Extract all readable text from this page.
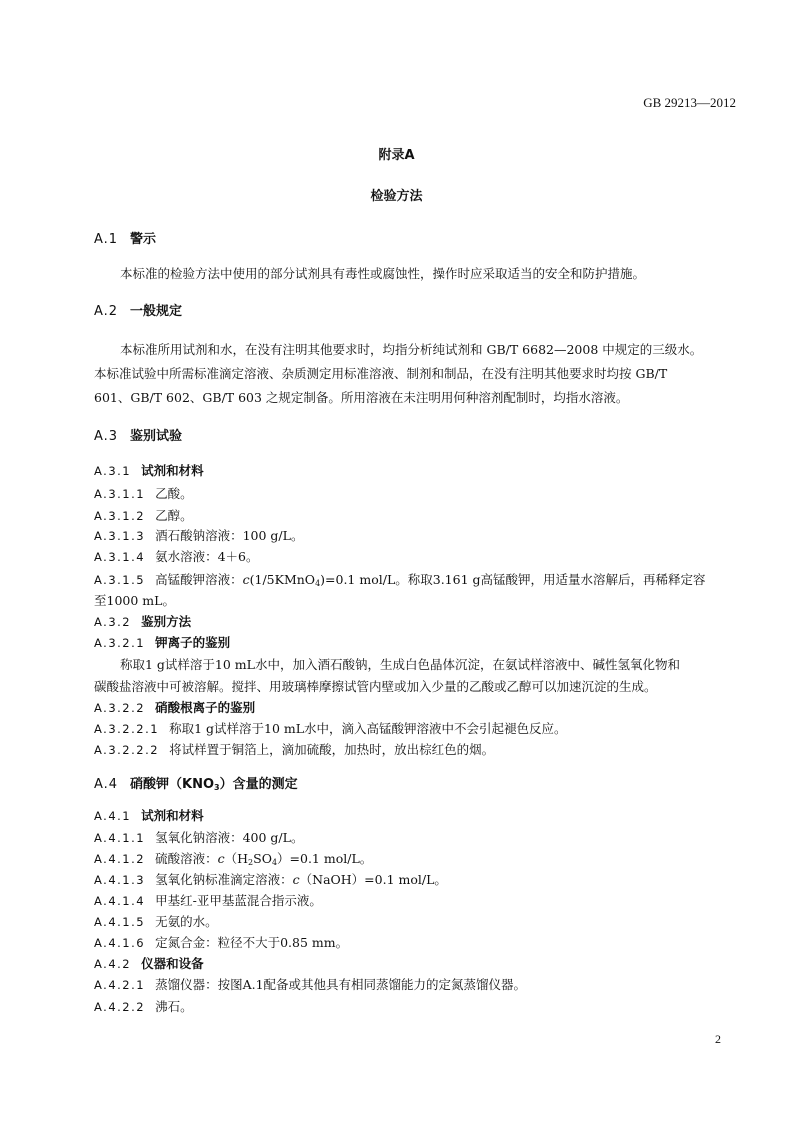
GB 29213—2012
附录A
检验方法
A.1 警示
本标准的检验方法中使用的部分试剂具有毒性或腐蚀性，操作时应采取适当的安全和防护措施。
A.2 一般规定
本标准所用试剂和水，在没有注明其他要求时，均指分析纯试剂和 GB/T 6682—2008 中规定的三级水。
本标准试验中所需标准滴定溶液、杂质测定用标准溶液、制剂和制品，在没有注明其他要求时均按 GB/T
601、GB/T 602、GB/T 603 之规定制备。所用溶液在未注明用何种溶剂配制时，均指水溶液。
A.3 鉴别试验
A.3.1 试剂和材料
A.3.1.1 乙酸。
A.3.1.2 乙醇。
A.3.1.3 酒石酸钠溶液：100 g/L。
A.3.1.4 氨水溶液：4＋6。
A.3.1.5 高锰酸钾溶液：c(1/5KMnO$_4$)=0.1 mol/L。称取3.161 g高锰酸钾，用适量水溶解后，再稀释定容
至1000 mL。
A.3.2 鉴别方法
A.3.2.1 钾离子的鉴别
称取1 g试样溶于10 mL水中，加入酒石酸钠，生成白色晶体沉淀，在氨试样溶液中、碱性氢氧化物和
碳酸盐溶液中可被溶解。搅拌、用玻璃棒摩擦试管内壁或加入少量的乙酸或乙醇可以加速沉淀的生成。
A.3.2.2 硝酸根离子的鉴别
A.3.2.2.1 称取1 g试样溶于10 mL水中，滴入高锰酸钾溶液中不会引起褪色反应。
A.3.2.2.2 将试样置于铜箔上，滴加硫酸，加热时，放出棕红色的烟。
A.4 硝酸钾$(KNO_3)$含量的测定
A.4.1 试剂和材料
A.4.1.1 氢氧化钠溶液：400 g/L。
A.4.1.2 硫酸溶液：$c(H_2SO_4)=0.1$ mol/L。
A.4.1.3 氢氧化钠标准滴定溶液：c（NaOH）=0.1 mol/L。
A.4.1.4 甲基红-亚甲基蓝混合指示液。
A.4.1.5 无氨的水。
A.4.1.6 定氮合金：粒径不大于0.85 mm。
A.4.2 仪器和设备
A.4.2.1 蒸馏仪器：按图A.1配备或其他具有相同蒸馏能力的定氮蒸馏仪器。
A.4.2.2 沸石。
2
